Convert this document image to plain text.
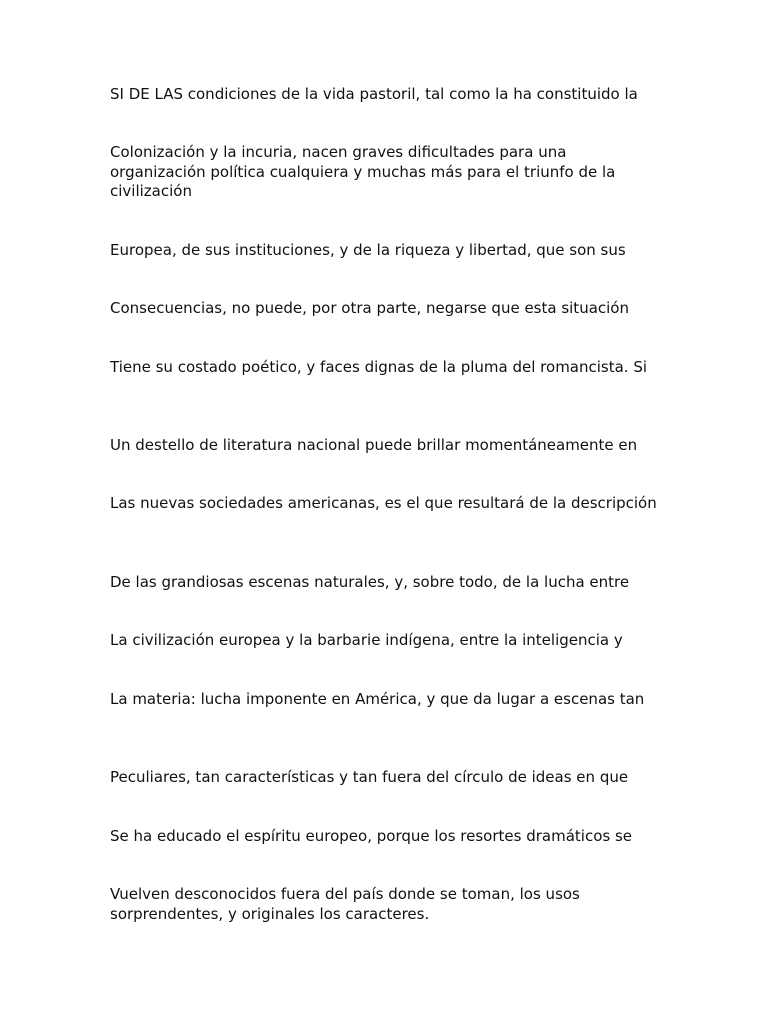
SI DE LAS condiciones de la vida pastoril, tal como la ha constituido la

Colonización y la incuria, nacen graves dificultades para una organización política cualquiera y muchas más para el triunfo de la civilización

Europea, de sus instituciones, y de la riqueza y libertad, que son sus

Consecuencias, no puede, por otra parte, negarse que esta situación

Tiene su costado poético, y faces dignas de la pluma del romancista. Si

Un destello de literatura nacional puede brillar momentáneamente en

Las nuevas sociedades americanas, es el que resultará de la descripción

De las grandiosas escenas naturales, y, sobre todo, de la lucha entre

La civilización europea y la barbarie indígena, entre la inteligencia y

La materia: lucha imponente en América, y que da lugar a escenas tan

Peculiares, tan características y tan fuera del círculo de ideas en que

Se ha educado el espíritu europeo, porque los resortes dramáticos se

Vuelven desconocidos fuera del país donde se toman, los usos sorprendentes, y originales los caracteres.
